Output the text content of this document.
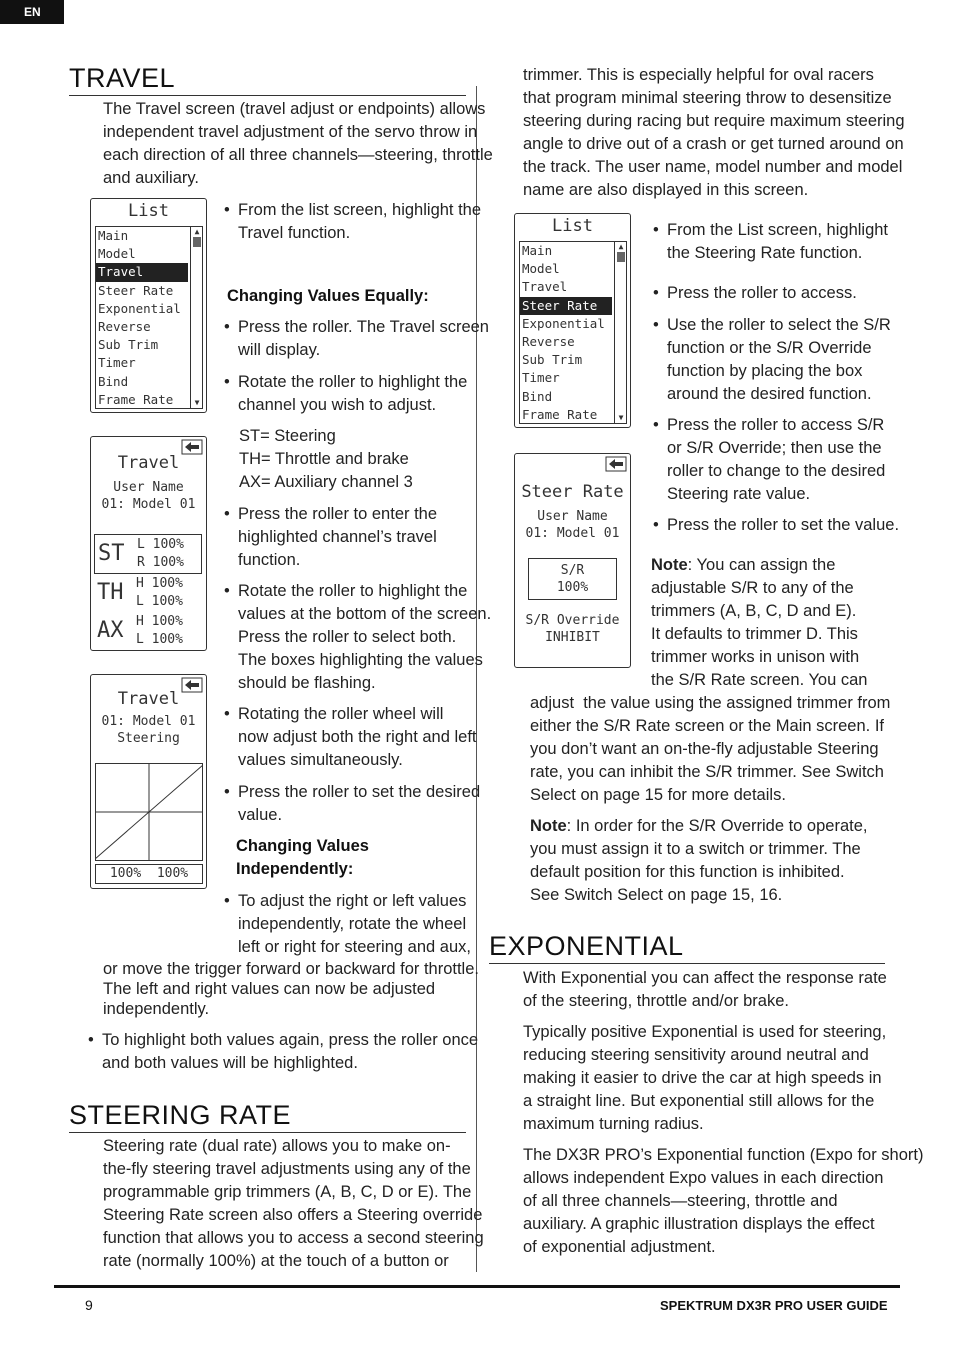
EN
TRAVEL

The Travel screen (travel adjust or endpoints) allows

independent travel adjustment of the servo throw in

each direction of all three channels—steering, throttle

and auxiliary.

List
Main
Model
Travel
Steer Rate
Exponential
Reverse
Sub Trim
Timer
Bind
Frame Rate
▲
▼
Travel
User Name
01: Model 01
ST L 100%
R 100%
TH H 100%
L 100%
AX H 100%
L 100%
Travel
01: Model 01
Steering
100%  100%
• From the list screen, highlight the
Travel function.
Changing Values Equally:
• Press the roller. The Travel screen
will display.
• Rotate the roller to highlight the
channel you wish to adjust.
ST= Steering
TH= Throttle and brake
AX= Auxiliary channel 3
• Press the roller to enter the
highlighted channel’s travel
function.
• Rotate the roller to highlight the
values at the bottom of the screen.
Press the roller to select both.
The boxes highlighting the values
should be flashing.
• Rotating the roller wheel will
now adjust both the right and left
values simultaneously.
• Press the roller to set the desired
value.
Changing Values
Independently:
• To adjust the right or left values
independently, rotate the wheel
left or right for steering and aux,
or move the trigger forward or backward for throttle.
The left and right values can now be adjusted
independently.
• To highlight both values again, press the roller once
and both values will be highlighted.
STEERING RATE

Steering rate (dual rate) allows you to make on-

the-fly steering travel adjustments using any of the

programmable grip trimmers (A, B, C, D or E). The

Steering Rate screen also offers a Steering override

function that allows you to access a second steering

rate (normally 100%) at the touch of a button or

trimmer. This is especially helpful for oval racers

that program minimal steering throw to desensitize

steering during racing but require maximum steering

angle to drive out of a crash or get turned around on

the track. The user name, model number and model

name are also displayed in this screen.

List
Main
Model
Travel
Steer Rate
Exponential
Reverse
Sub Trim
Timer
Bind
Frame Rate
▲
▼
Steer Rate
User Name
01: Model 01
S/R
100%
S/R Override
INHIBIT
• From the List screen, highlight
the Steering Rate function.
• Press the roller to access.
• Use the roller to select the S/R
function or the S/R Override
function by placing the box
around the desired function.
• Press the roller to access S/R
or S/R Override; then use the
roller to change to the desired
Steering rate value.
• Press the roller to set the value.

Note: You can assign the

adjustable S/R to any of the

trimmers (A, B, C, D and E).

It defaults to trimmer D. This

trimmer works in unison with

the S/R Rate screen. You can

adjust  the value using the assigned trimmer from

either the S/R Rate screen or the Main screen. If

you don’t want an on-the-fly adjustable Steering

rate, you can inhibit the S/R trimmer. See Switch

Select on page 15 for more details.

Note: In order for the S/R Override to operate,

you must assign it to a switch or trimmer. The

default position for this function is inhibited.

See Switch Select on page 15, 16.

EXPONENTIAL

With Exponential you can affect the response rate

of the steering, throttle and/or brake.

Typically positive Exponential is used for steering,

reducing steering sensitivity around neutral and

making it easier to drive the car at high speeds in

a straight line. But exponential still allows for the

maximum turning radius.

The DX3R PRO’s Exponential function (Expo for short)

allows independent Expo values in each direction

of all three channels—steering, throttle and

auxiliary. A graphic illustration displays the effect

of exponential adjustment.

9	SPEKTRUM DX3R PRO USER GUIDE
